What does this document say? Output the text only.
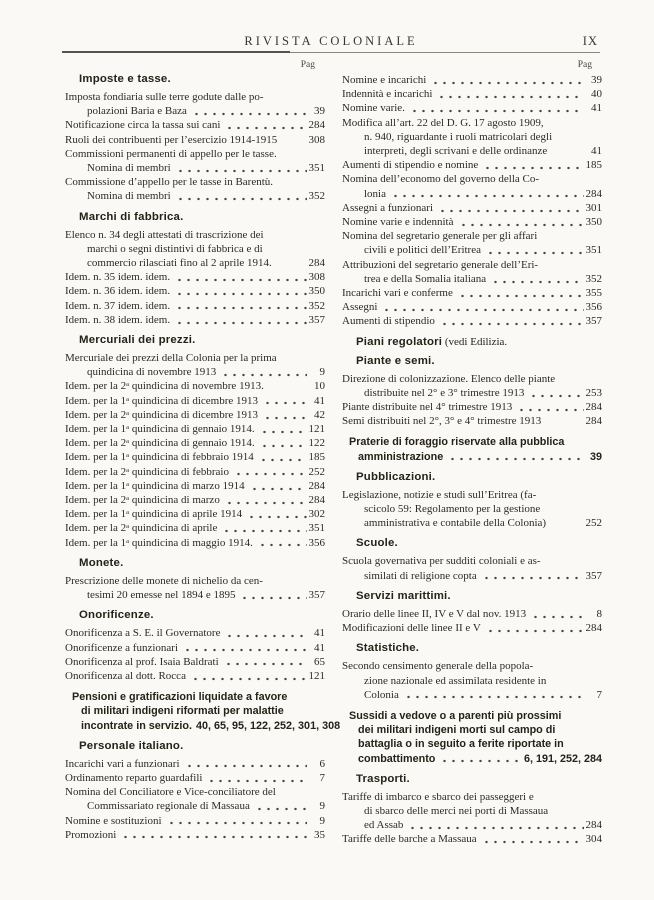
RIVISTA COLONIALE	IX
Pag
Imposte e tasse.
Imposta fondiaria sulle terre godute dalle po-
polazioni Baria e Baza	39
Notificazione circa la tassa sui cani	284
Ruoli dei contribuenti per l’esercizio 1914-1915	308
Commissioni permanenti di appello per le tasse.
Nomina di membri	351
Commissione d’appello per le tasse in Barentù.
Nomina di membri	352
Marchi di fabbrica.
Elenco n. 34 degli attestati di trascrizione dei
marchi o segni distintivi di fabbrica e di
commercio rilasciati fino al 2 aprile 1914.	284
Idem. n. 35 idem. idem.	308
Idem. n. 36 idem. idem.	350
Idem. n. 37 idem. idem.	352
Idem. n. 38 idem. idem.	357
Mercuriali dei prezzi.
Mercuriale dei prezzi della Colonia per la prima
quindicina di novembre 1913	9
Idem. per la 2ᵃ quindicina di novembre 1913.	10
Idem. per la 1ᵃ quindicina di dicembre 1913	41
Idem. per la 2ᵃ quindicina di dicembre 1913	42
Idem. per la 1ᵃ quindicina di gennaio 1914.	121
Idem. per la 2ᵃ quindicina di gennaio 1914.	122
Idem. per la 1ᵃ quindicina di febbraio 1914	185
Idem. per la 2ᵃ quindicina di febbraio	252
Idem. per la 1ᵃ quindicina di marzo 1914	284
Idem. per la 2ᵃ quindicina di marzo	284
Idem. per la 1ᵃ quindicina di aprile 1914	302
Idem. per la 2ᵃ quindicina di aprile	351
Idem. per la 1ᵃ quindicina di maggio 1914.	356
Monete.
Prescrizione delle monete di nichelio da cen-
tesimi 20 emesse nel 1894 e 1895	357
Onorificenze.
Onorificenza a S. E. il Governatore	41
Onorificenze a funzionari	41
Onorificenza al prof. Isaia Baldrati	65
Onorificenza al dott. Rocca	121
Pensioni e gratificazioni liquidate a favore
di militari indigeni riformati per malattie
incontrate in servizio. 40, 65, 95, 122, 252, 301, 308
Personale italiano.
Incarichi vari a funzionari	6
Ordinamento reparto guardafili	7
Nomina del Conciliatore e Vice-conciliatore del
Commissariato regionale di Massaua	9
Nomine e sostituzioni	9
Promozioni	35
Pag
Nomine e incarichi	39
Indennità e incarichi	40
Nomine varie.	41
Modifica all’art. 22 del D. G. 17 agosto 1909,
n. 940, riguardante i ruoli matricolari degli
interpreti, degli scrivani e delle ordinanze	41
Aumenti di stipendio e nomine	185
Nomina dell’economo del governo della Co-
lonia	284
Assegni a funzionari	301
Nomine varie e indennità	350
Nomina del segretario generale per gli affari
civili e politici dell’Eritrea	351
Attribuzioni del segretario generale dell’Eri-
trea e della Somalia italiana	352
Incarichi vari e conferme	355
Assegni	356
Aumenti di stipendio	357
Piani regolatori (vedi Edilizia.
Piante e semi.
Direzione di colonizzazione. Elenco delle piante
distribuite nel 2° e 3° trimestre 1913	253
Piante distribuite nel 4° trimestre 1913	284
Semi distribuiti nel 2°, 3° e 4° trimestre 1913	284
Praterie di foraggio riservate alla pubblica
amministrazione	39
Pubblicazioni.
Legislazione, notizie e studi sull’Eritrea (fa-
scicolo 59: Regolamento per la gestione
amministrativa e contabile della Colonia)	252
Scuole.
Scuola governativa per sudditi coloniali e as-
similati di religione copta	357
Servizi marittimi.
Orario delle linee II, IV e V dal nov. 1913	8
Modificazioni delle linee II e V	284
Statistiche.
Secondo censimento generale della popola-
zione nazionale ed assimilata residente in
Colonia	7
Sussidi a vedove o a parenti più prossimi
dei militari indigeni morti sul campo di
battaglia o in seguito a ferite riportate in
combattimento	6, 191, 252, 284
Trasporti.
Tariffe di imbarco e sbarco dei passeggeri e
di sbarco delle merci nei porti di Massaua
ed Assab	284
Tariffe delle barche a Massaua	304
